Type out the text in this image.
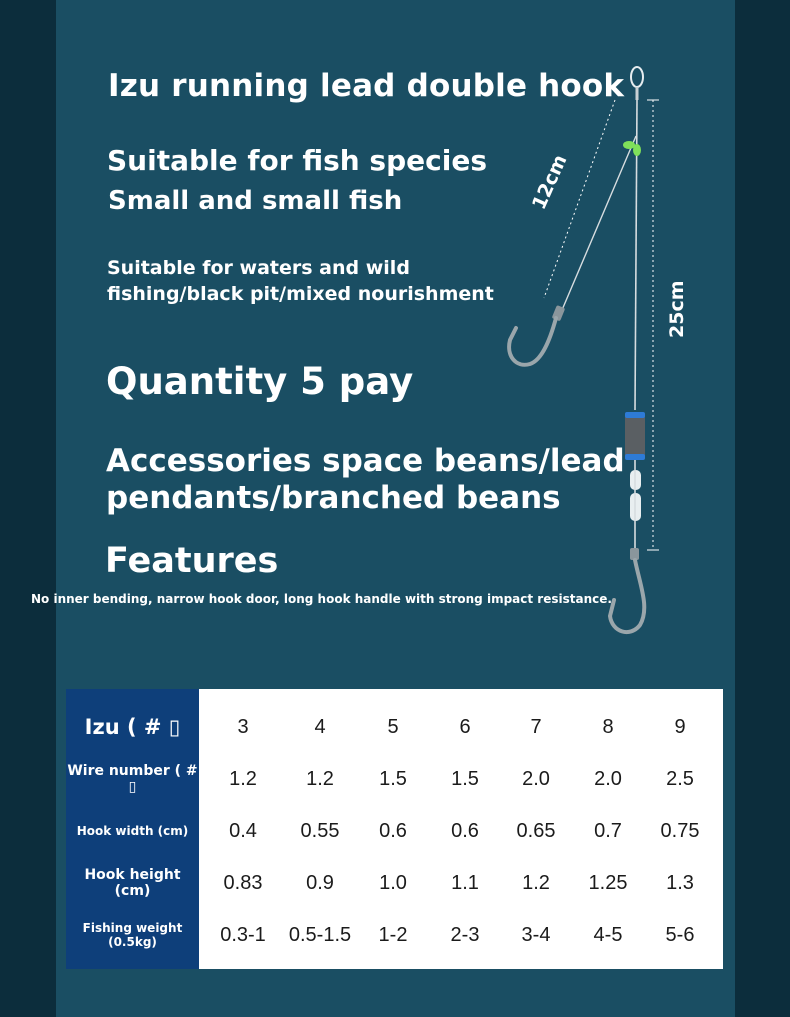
Izu running lead double hook
Suitable for fish species
Small and small fish
Suitable for waters and wild
fishing/black pit/mixed nourishment
Quantity 5 pay
Accessories space beans/lead
pendants/branched beans
Features
No inner bending, narrow hook door, long hook handle with strong impact resistance.
12cm
25cm
Izu ( # ▯	3	4	5	6	7	8	9
Wire number ( # ▯	1.2	1.2	1.5	1.5	2.0	2.0	2.5
Hook width (cm)	0.4	0.55	0.6	0.6	0.65	0.7	0.75
Hook height (cm)	0.83	0.9	1.0	1.1	1.2	1.25	1.3
Fishing weight (0.5kg)	0.3-1	0.5-1.5	1-2	2-3	3-4	4-5	5-6
